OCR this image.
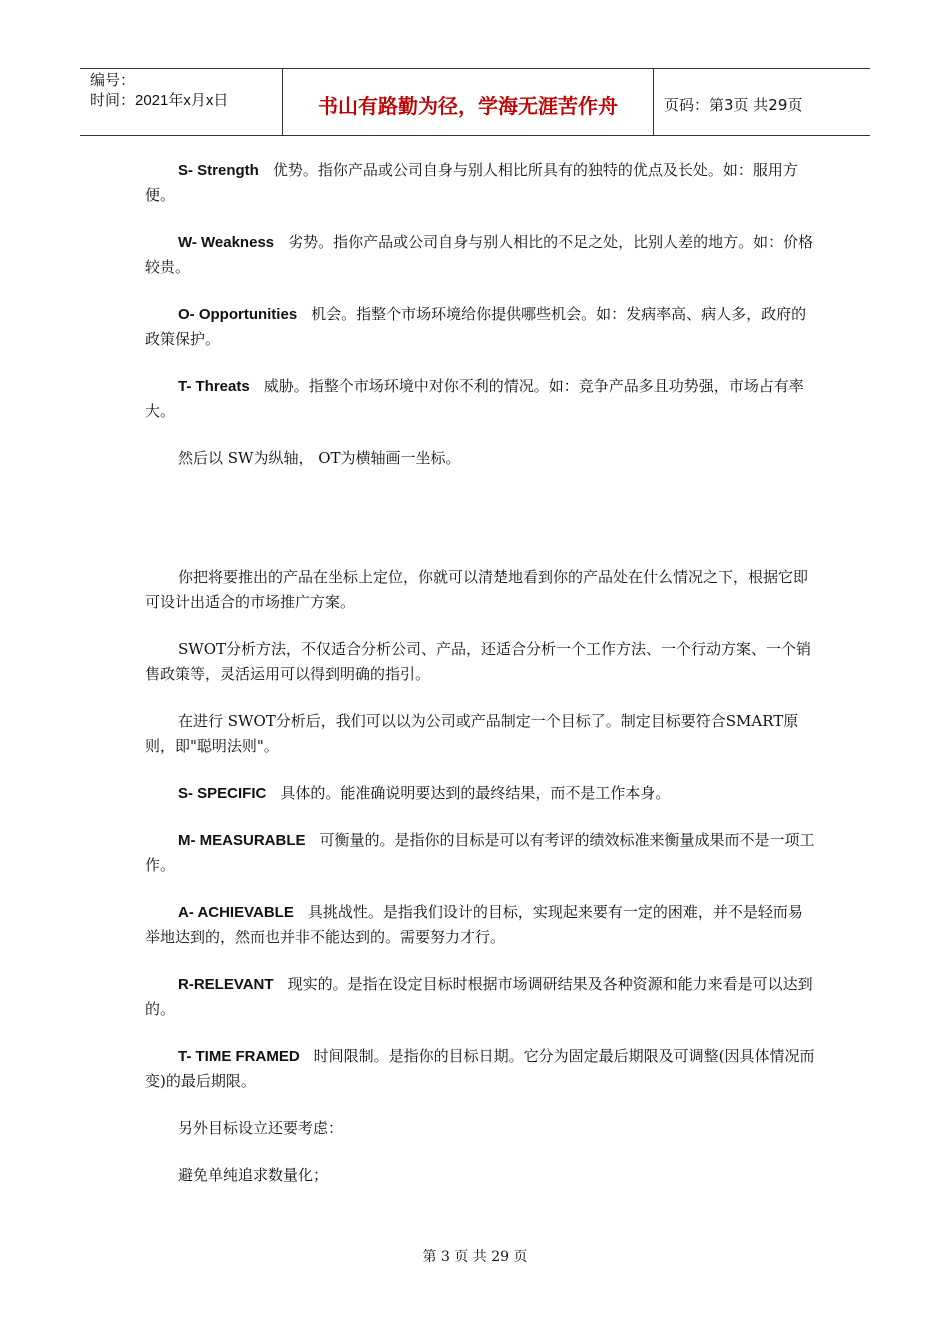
编号：
时间：2021年x月x日	书山有路勤为径，学海无涯苦作舟	页码：第3页 共29页

S- Strength 优势。指你产品或公司自身与别人相比所具有的独特的优点及长处。如：服用方便。

W- Weakness 劣势。指你产品或公司自身与别人相比的不足之处，比别人差的地方。如：价格较贵。

O- Opportunities 机会。指整个市场环境给你提供哪些机会。如：发病率高、病人多，政府的政策保护。

T- Threats 威胁。指整个市场环境中对你不利的情况。如：竞争产品多且功势强，市场占有率大。

然后以 SW为纵轴， OT为横轴画一坐标。

你把将要推出的产品在坐标上定位，你就可以清楚地看到你的产品处在什么情况之下，根据它即可设计出适合的市场推广方案。

SWOT分析方法，不仅适合分析公司、产品，还适合分析一个工作方法、一个行动方案、一个销售政策等，灵活运用可以得到明确的指引。

在进行 SWOT分析后，我们可以以为公司或产品制定一个目标了。制定目标要符合SMART原则，即"聪明法则"。

S- SPECIFIC 具体的。能准确说明要达到的最终结果，而不是工作本身。

M- MEASURABLE 可衡量的。是指你的目标是可以有考评的绩效标准来衡量成果而不是一项工作。

A- ACHIEVABLE 具挑战性。是指我们设计的目标，实现起来要有一定的困难，并不是轻而易举地达到的，然而也并非不能达到的。需要努力才行。

R-RELEVANT 现实的。是指在设定目标时根据市场调研结果及各种资源和能力来看是可以达到的。

T- TIME FRAMED 时间限制。是指你的目标日期。它分为固定最后期限及可调整(因具体情况而变)的最后期限。

另外目标设立还要考虑：

避免单纯追求数量化；

第 3 页 共 29 页
